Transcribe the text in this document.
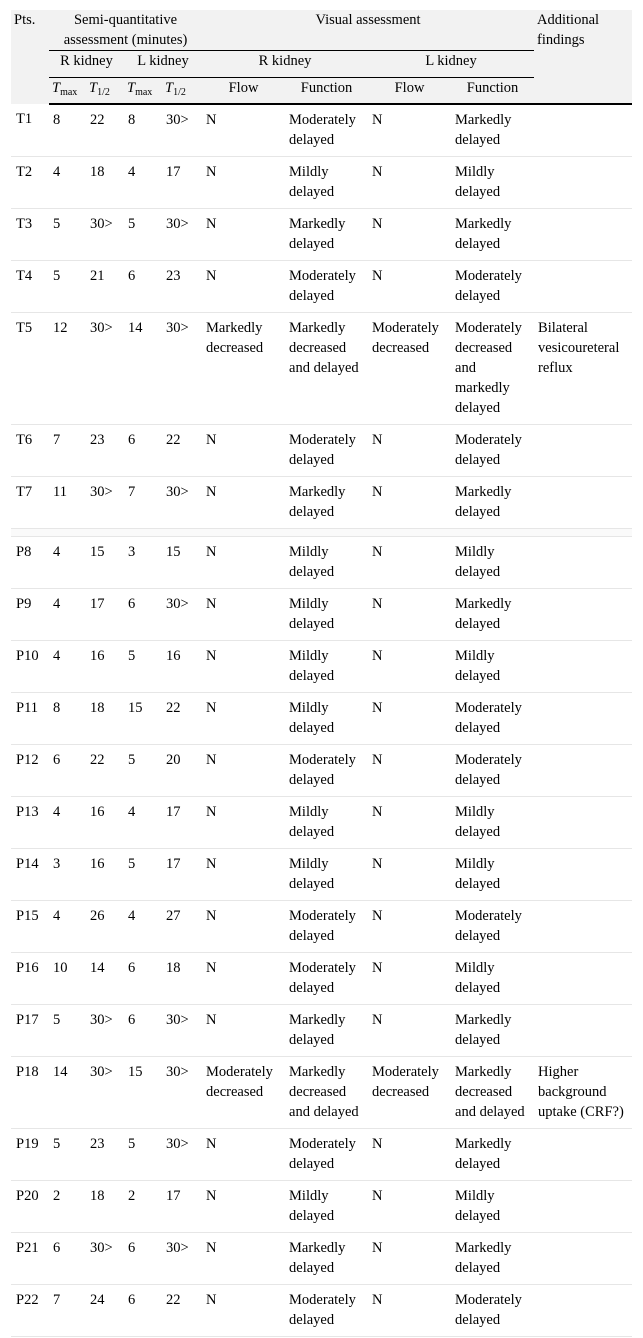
Pts.	Semi-quantitative assessment (minutes)				Visual assessment				Additional findings
	R kidney		L kidney		R kidney		L kidney		
	$T_{max}$	$T_{1/2}$	$T_{max}$	$T_{1/2}$	Flow	Function	Flow	Function	
T1	8	22	8	30>	N	Moderately delayed	N	Markedly delayed	
T2	4	18	4	17	N	Mildly delayed	N	Mildly delayed	
T3	5	30>	5	30>	N	Markedly delayed	N	Markedly delayed	
T4	5	21	6	23	N	Moderately delayed	N	Moderately delayed	
T5	12	30>	14	30>	Markedly decreased	Markedly decreased and delayed	Moderately decreased	Moderately decreased and markedly delayed	Bilateral vesicoureteral reflux
T6	7	23	6	22	N	Moderately delayed	N	Moderately delayed	
T7	11	30>	7	30>	N	Markedly delayed	N	Markedly delayed	

P8	4	15	3	15	N	Mildly delayed	N	Mildly delayed	
P9	4	17	6	30>	N	Mildly delayed	N	Markedly delayed	
P10	4	16	5	16	N	Mildly delayed	N	Mildly delayed	
P11	8	18	15	22	N	Mildly delayed	N	Moderately delayed	
P12	6	22	5	20	N	Moderately delayed	N	Moderately delayed	
P13	4	16	4	17	N	Mildly delayed	N	Mildly delayed	
P14	3	16	5	17	N	Mildly delayed	N	Mildly delayed	
P15	4	26	4	27	N	Moderately delayed	N	Moderately delayed	
P16	10	14	6	18	N	Moderately delayed	N	Mildly delayed	
P17	5	30>	6	30>	N	Markedly delayed	N	Markedly delayed	
P18	14	30>	15	30>	Moderately decreased	Markedly decreased and delayed	Moderately decreased	Markedly decreased and delayed	Higher background uptake (CRF?)
P19	5	23	5	30>	N	Moderately delayed	N	Markedly delayed	
P20	2	18	2	17	N	Mildly delayed	N	Mildly delayed	
P21	6	30>	6	30>	N	Markedly delayed	N	Markedly delayed	
P22	7	24	6	22	N	Moderately delayed	N	Moderately delayed	
